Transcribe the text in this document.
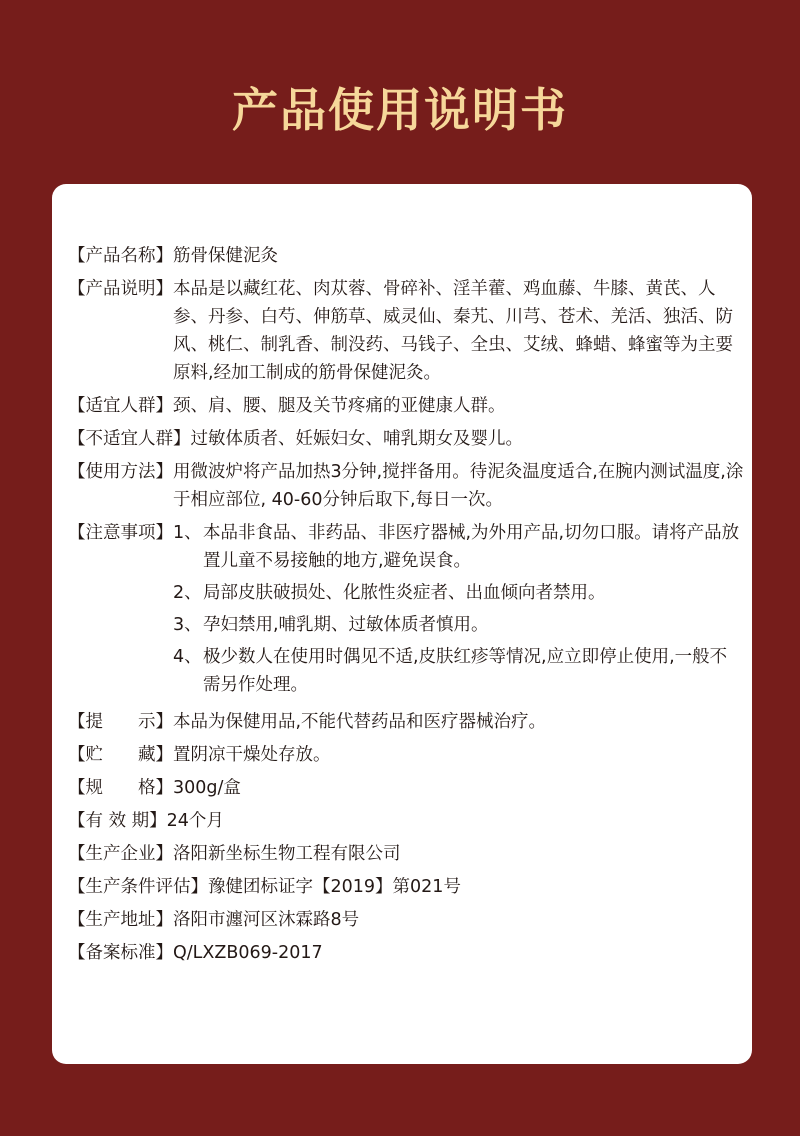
产品使用说明书
【产品名称】 筋骨保健泥灸
【产品说明】 本品是以藏红花、肉苁蓉、骨碎补、淫羊藿、鸡血藤、牛膝、黄芪、人参、丹参、白芍、伸筋草、威灵仙、秦艽、川芎、苍术、羌活、独活、防风、桃仁、制乳香、制没药、马钱子、全虫、艾绒、蜂蜡、蜂蜜等为主要原料,经加工制成的筋骨保健泥灸。
【适宜人群】 颈、肩、腰、腿及关节疼痛的亚健康人群。
【不适宜人群】 过敏体质者、妊娠妇女、哺乳期女及婴儿。
【使用方法】 用微波炉将产品加热3分钟,搅拌备用。待泥灸温度适合,在腕内测试温度,涂于相应部位, 40-60分钟后取下,每日一次。
【注意事项】 1、 本品非食品、非药品、非医疗器械,为外用产品,切勿口服。请将产品放置儿童不易接触的地方,避免误食。
2、 局部皮肤破损处、化脓性炎症者、出血倾向者禁用。
3、 孕妇禁用,哺乳期、过敏体质者慎用。
4、 极少数人在使用时偶见不适,皮肤红疹等情况,应立即停止使用,一般不需另作处理。
【提　　示】 本品为保健用品,不能代替药品和医疗器械治疗。
【贮　　藏】 置阴凉干燥处存放。
【规　　格】 300g/盒
【有 效 期】 24个月
【生产企业】 洛阳新坐标生物工程有限公司
【生产条件评估】 豫健团标证字【2019】第021号
【生产地址】 洛阳市瀍河区沐霖路8号
【备案标准】 Q/LXZB069-2017
